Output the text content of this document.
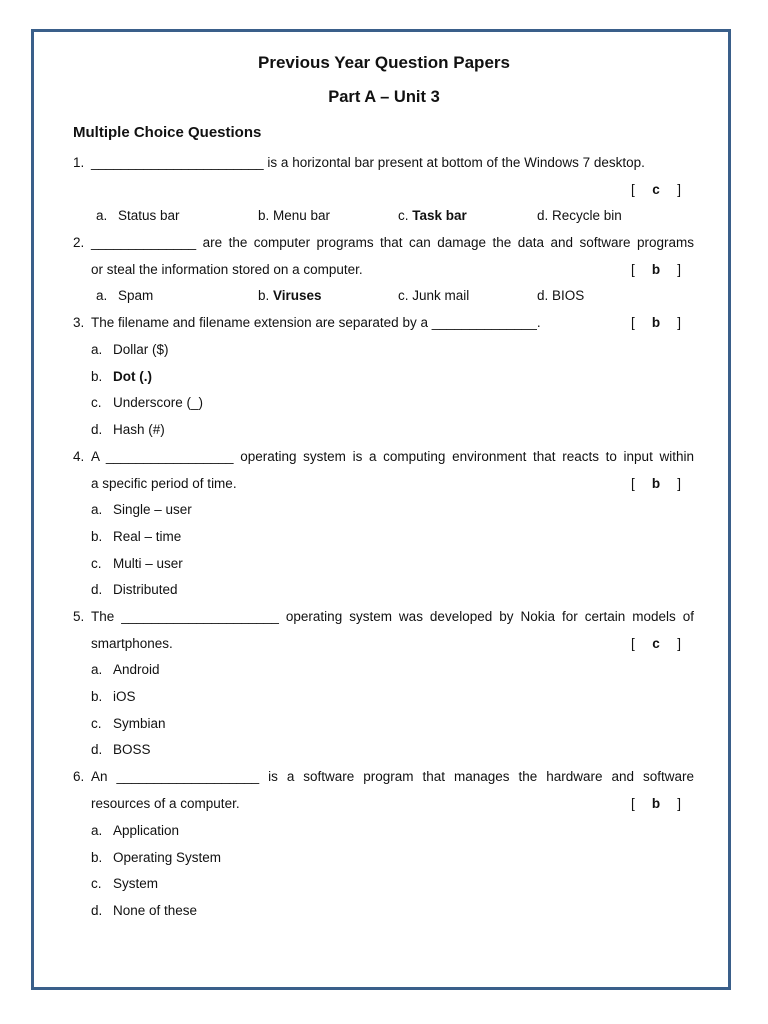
Previous Year Question Papers
Part A – Unit 3
Multiple Choice Questions
1. _______________________ is a horizontal bar present at bottom of the Windows 7 desktop.
[ c ]
a. Status bar	b. Menu bar	c. Task bar	d. Recycle bin
2. ______________ are the computer programs that can damage the data and software programs
or steal the information stored on a computer.	[ b ]
a. Spam	b. Viruses	c. Junk mail	d. BIOS
3. The filename and filename extension are separated by a ______________.	[ b ]
a. Dollar ($)
b. Dot (.)
c. Underscore (_)
d. Hash (#)
4. A _________________ operating system is a computing environment that reacts to input within
a specific period of time.	[ b ]
a. Single – user
b. Real – time
c. Multi – user
d. Distributed
5. The _____________________ operating system was developed by Nokia for certain models of
smartphones.	[ c ]
a. Android
b. iOS
c. Symbian
d. BOSS
6. An ___________________ is a software program that manages the hardware and software
resources of a computer.	[ b ]
a. Application
b. Operating System
c. System
d. None of these
